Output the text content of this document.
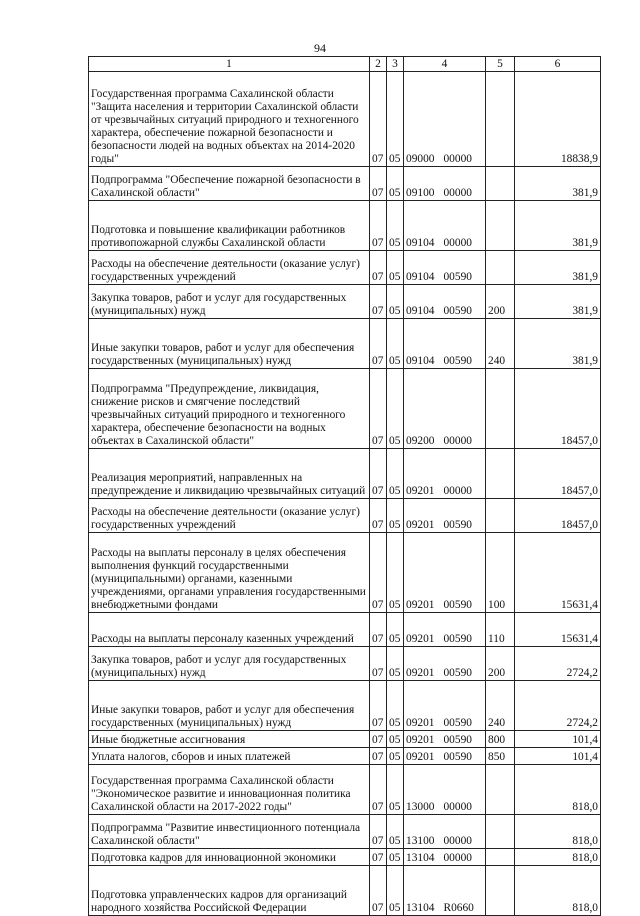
94
1	2	3	4	5	6
Государственная программа Сахалинской области "Защита населения и территории Сахалинской области от чрезвычайных ситуаций природного и техногенного характера, обеспечение пожарной безопасности и безопасности людей на водных объектах на 2014-2020 годы"	07	05	09000 00000		18838,9
Подпрограмма "Обеспечение пожарной безопасности в Сахалинской области"	07	05	09100 00000		381,9
Подготовка и повышение квалификации работников противопожарной службы Сахалинской области	07	05	09104 00000		381,9
Расходы на обеспечение деятельности (оказание услуг) государственных учреждений	07	05	09104 00590		381,9
Закупка товаров, работ и услуг для государственных (муниципальных) нужд	07	05	09104 00590	200	381,9
Иные закупки товаров, работ и услуг для обеспечения государственных (муниципальных) нужд	07	05	09104 00590	240	381,9
Подпрограмма "Предупреждение, ликвидация, снижение рисков и смягчение последствий чрезвычайных ситуаций природного и техногенного характера, обеспечение безопасности на водных объектах в Сахалинской области"	07	05	09200 00000		18457,0
Реализация мероприятий, направленных на предупреждение и ликвидацию чрезвычайных ситуаций	07	05	09201 00000		18457,0
Расходы на обеспечение деятельности (оказание услуг) государственных учреждений	07	05	09201 00590		18457,0
Расходы на выплаты персоналу в целях обеспечения выполнения функций государственными (муниципальными) органами, казенными учреждениями, органами управления государственными внебюджетными фондами	07	05	09201 00590	100	15631,4
Расходы на выплаты персоналу казенных учреждений	07	05	09201 00590	110	15631,4
Закупка товаров, работ и услуг для государственных (муниципальных) нужд	07	05	09201 00590	200	2724,2
Иные закупки товаров, работ и услуг для обеспечения государственных (муниципальных) нужд	07	05	09201 00590	240	2724,2
Иные бюджетные ассигнования	07	05	09201 00590	800	101,4
Уплата налогов, сборов и иных платежей	07	05	09201 00590	850	101,4
Государственная программа Сахалинской области "Экономическое развитие и инновационная политика Сахалинской области на 2017-2022 годы"	07	05	13000 00000		818,0
Подпрограмма "Развитие инвестиционного потенциала Сахалинской области"	07	05	13100 00000		818,0
Подготовка кадров для инновационной экономики	07	05	13104 00000		818,0
Подготовка управленческих кадров для организаций народного хозяйства Российской Федерации	07	05	13104 R0660		818,0
